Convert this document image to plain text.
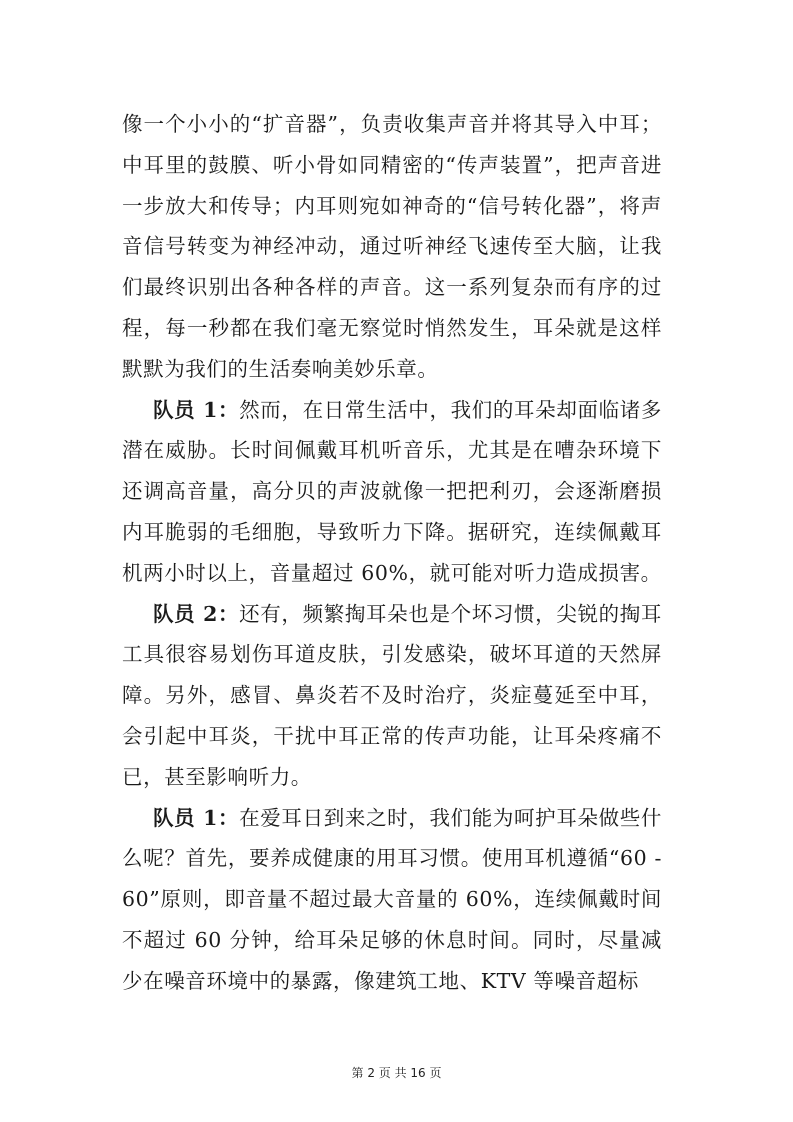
像一个小小的“扩音器”，负责收集声音并将其导入中耳；中耳里的鼓膜、听小骨如同精密的“传声装置”，把声音进一步放大和传导；内耳则宛如神奇的“信号转化器”，将声音信号转变为神经冲动，通过听神经飞速传至大脑，让我们最终识别出各种各样的声音。这一系列复杂而有序的过程，每一秒都在我们毫无察觉时悄然发生，耳朵就是这样默默为我们的生活奏响美妙乐章。

队员 1：然而，在日常生活中，我们的耳朵却面临诸多潜在威胁。长时间佩戴耳机听音乐，尤其是在嘈杂环境下还调高音量，高分贝的声波就像一把把利刃，会逐渐磨损内耳脆弱的毛细胞，导致听力下降。据研究，连续佩戴耳机两小时以上，音量超过 60%，就可能对听力造成损害。

队员 2：还有，频繁掏耳朵也是个坏习惯，尖锐的掏耳工具很容易划伤耳道皮肤，引发感染，破坏耳道的天然屏障。另外，感冒、鼻炎若不及时治疗，炎症蔓延至中耳，会引起中耳炎，干扰中耳正常的传声功能，让耳朵疼痛不已，甚至影响听力。

队员 1：在爱耳日到来之时，我们能为呵护耳朵做些什么呢？首先，要养成健康的用耳习惯。使用耳机遵循“60 - 60”原则，即音量不超过最大音量的 60%，连续佩戴时间不超过 60 分钟，给耳朵足够的休息时间。同时，尽量减少在噪音环境中的暴露，像建筑工地、KTV 等噪音超标

第 2 页 共 16 页
